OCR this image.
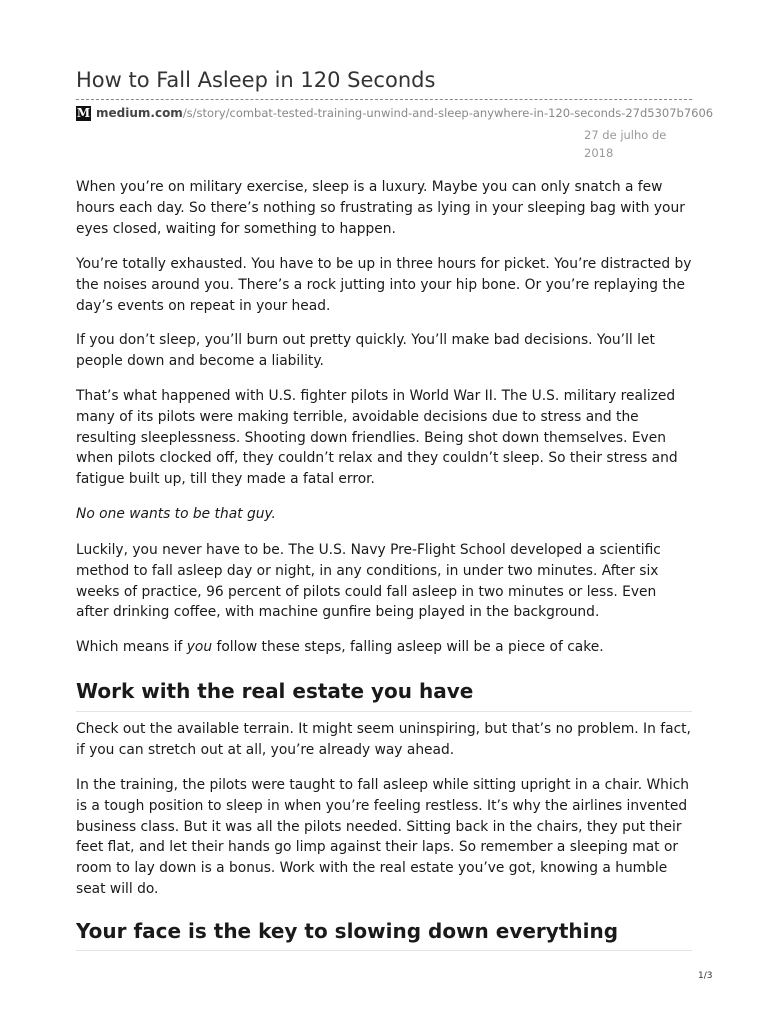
How to Fall Asleep in 120 Seconds
M medium.com /s/story/combat-tested-training-unwind-and-sleep-anywhere-in-120-seconds-27d5307b7606
27 de julho de
2018

When you’re on military exercise, sleep is a luxury. Maybe you can only snatch a few hours each day. So there’s nothing so frustrating as lying in your sleeping bag with your eyes closed, waiting for something to happen.

You’re totally exhausted. You have to be up in three hours for picket. You’re distracted by the noises around you. There’s a rock jutting into your hip bone. Or you’re replaying the day’s events on repeat in your head.

If you don’t sleep, you’ll burn out pretty quickly. You’ll make bad decisions. You’ll let people down and become a liability.

That’s what happened with U.S. fighter pilots in World War II. The U.S. military realized many of its pilots were making terrible, avoidable decisions due to stress and the resulting sleeplessness. Shooting down friendlies. Being shot down themselves. Even when pilots clocked off, they couldn’t relax and they couldn’t sleep. So their stress and fatigue built up, till they made a fatal error.

No one wants to be that guy.

Luckily, you never have to be. The U.S. Navy Pre-Flight School developed a scientific method to fall asleep day or night, in any conditions, in under two minutes. After six weeks of practice, 96 percent of pilots could fall asleep in two minutes or less. Even after drinking coffee, with machine gunfire being played in the background.

Which means if you follow these steps, falling asleep will be a piece of cake.

Work with the real estate you have

Check out the available terrain. It might seem uninspiring, but that’s no problem. In fact, if you can stretch out at all, you’re already way ahead.

In the training, the pilots were taught to fall asleep while sitting upright in a chair. Which is a tough position to sleep in when you’re feeling restless. It’s why the airlines invented business class. But it was all the pilots needed. Sitting back in the chairs, they put their feet flat, and let their hands go limp against their laps. So remember a sleeping mat or room to lay down is a bonus. Work with the real estate you’ve got, knowing a humble seat will do.

Your face is the key to slowing down everything
1/3
